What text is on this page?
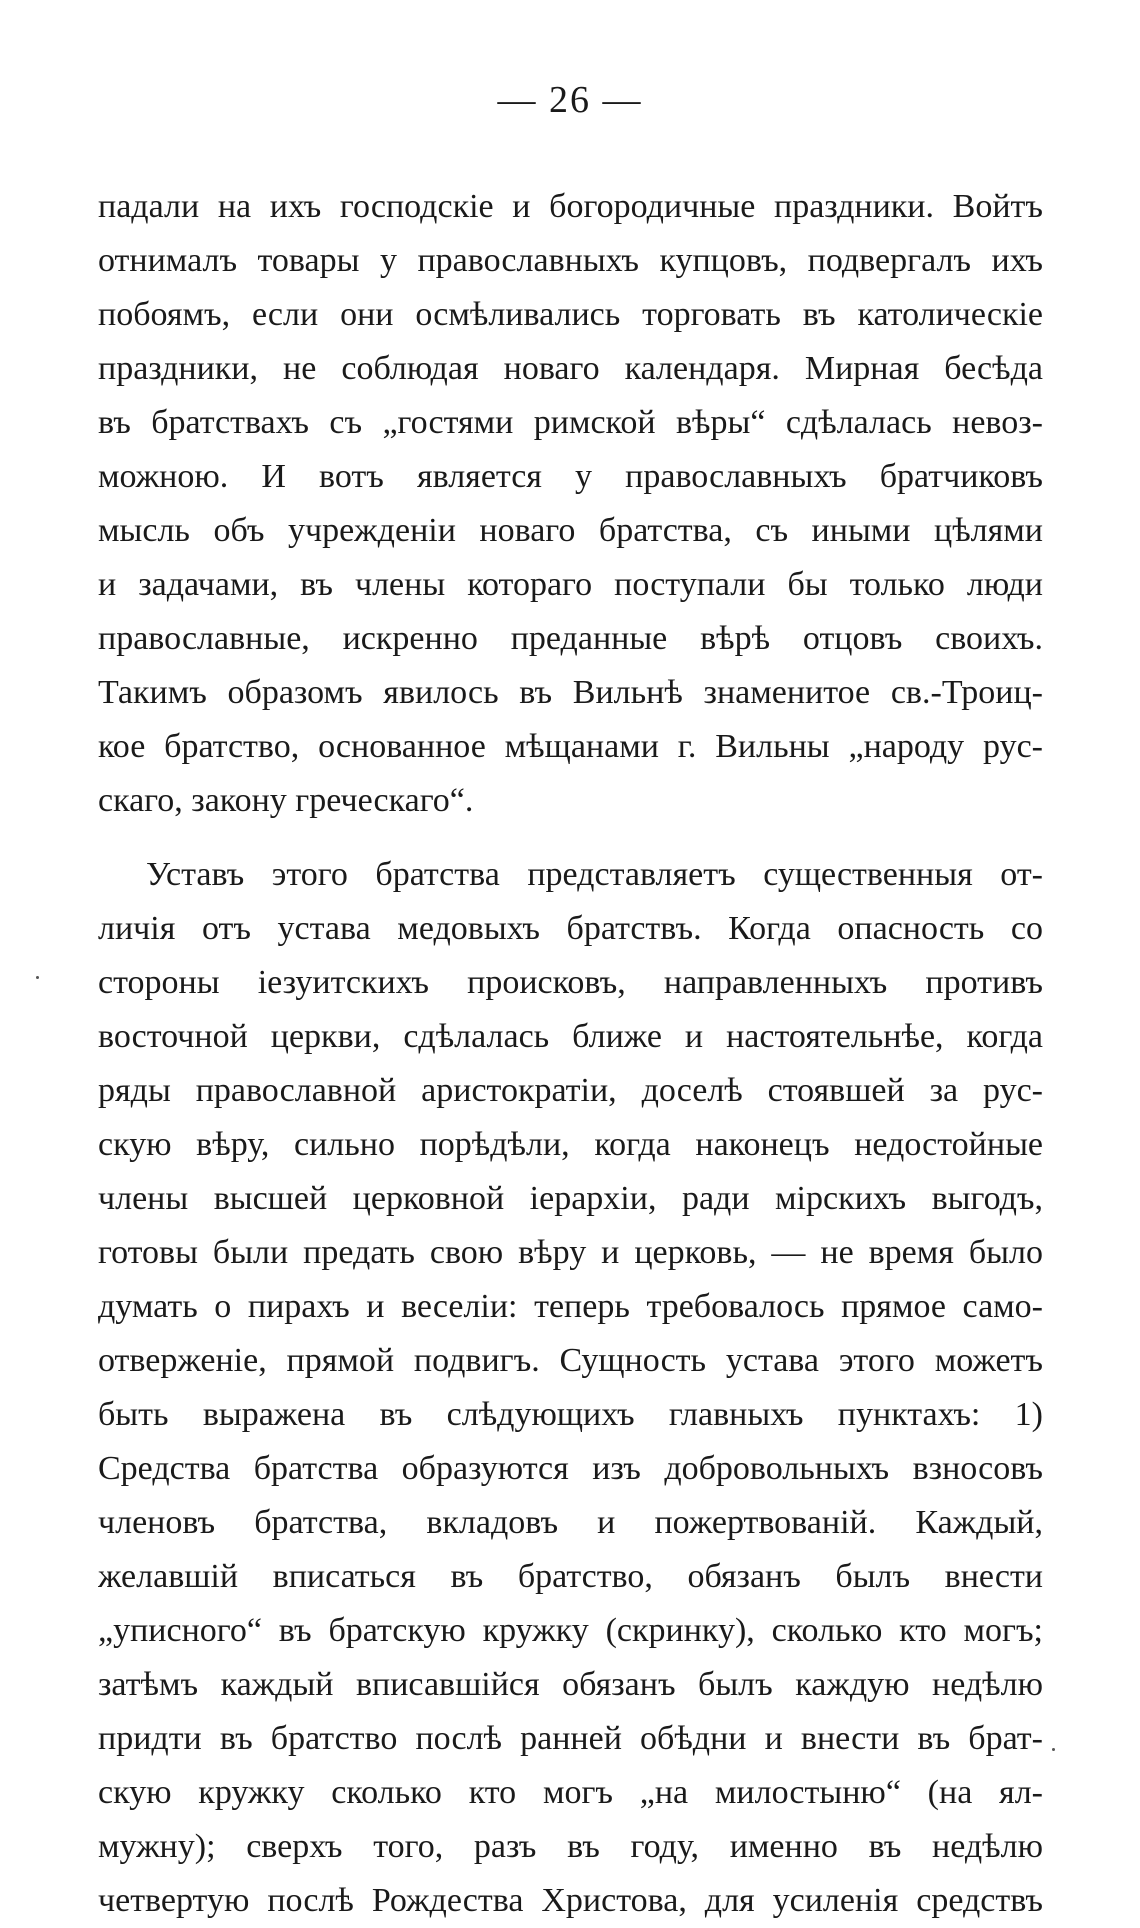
— 26 —
падали на ихъ господскіе и богородичные праздники. Войтъ
отнималъ товары у православныхъ купцовъ, подвергалъ ихъ
побоямъ, если они осмѣливались торговать въ католическіе
праздники, не соблюдая новаго календаря. Мирная бесѣда
въ братствахъ съ „гостями римской вѣры“ сдѣлалась невоз-
можною. И вотъ является у православныхъ братчиковъ
мысль объ учрежденіи новаго братства, съ иными цѣлями
и задачами, въ члены котораго поступали бы только люди
православные, искренно преданные вѣрѣ отцовъ своихъ.
Такимъ образомъ явилось въ Вильнѣ знаменитое св.-Троиц-
кое братство, основанное мѣщанами г. Вильны „народу рус-
скаго, закону греческаго“.
Уставъ этого братства представляетъ существенныя от-
личія отъ устава медовыхъ братствъ. Когда опасность со
стороны іезуитскихъ происковъ, направленныхъ противъ
восточной церкви, сдѣлалась ближе и настоятельнѣе, когда
ряды православной аристократіи, доселѣ стоявшей за рус-
скую вѣру, сильно порѣдѣли, когда наконецъ недостойные
члены высшей церковной іерархіи, ради мірскихъ выгодъ,
готовы были предать свою вѣру и церковь, — не время было
думать о пирахъ и веселіи: теперь требовалось прямое само-
отверженіе, прямой подвигъ. Сущность устава этого можетъ
быть выражена въ слѣдующихъ главныхъ пунктахъ: 1)
Средства братства образуются изъ добровольныхъ взносовъ
членовъ братства, вкладовъ и пожертвованій. Каждый,
желавшій вписаться въ братство, обязанъ былъ внести
„уписного“ въ братскую кружку (скринку), сколько кто могъ;
затѣмъ каждый вписавшійся обязанъ былъ каждую недѣлю
придти въ братство послѣ ранней обѣдни и внести въ брат-
скую кружку сколько кто могъ „на милостыню“ (на ял-
мужну); сверхъ того, разъ въ году, именно въ недѣлю
четвертую послѣ Рождества Христова, для усиленія средствъ
